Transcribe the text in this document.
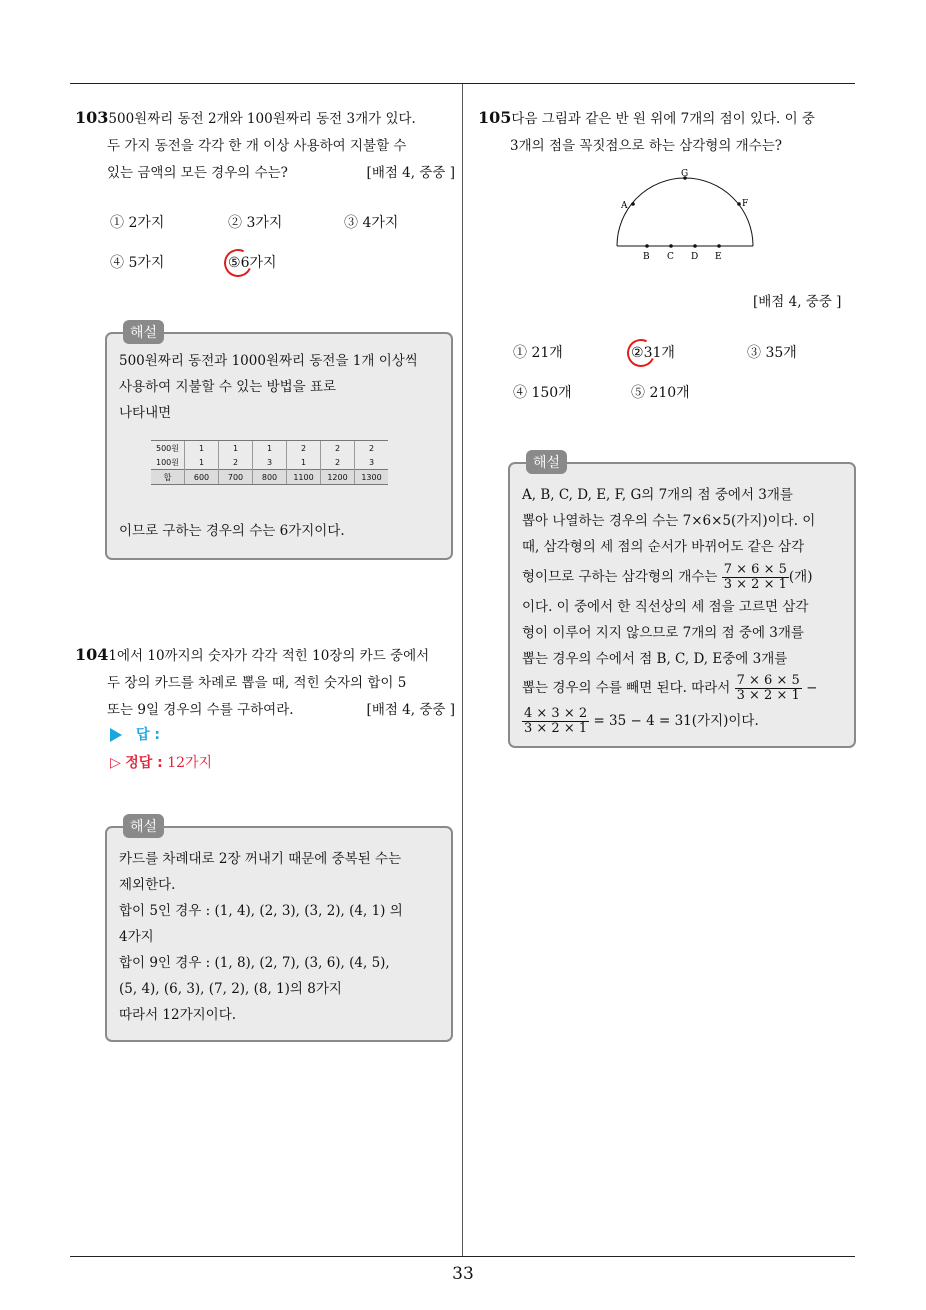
103500원짜리 동전 2개와 100원짜리 동전 3개가 있다.
두 가지 동전을 각각 한 개 이상 사용하여 지불할 수
있는 금액의 모든 경우의 수는?	[배점 4, 중중 ]
① 2가지	② 3가지	③ 4가지
④ 5가지	⑤6가지
해설
500원짜리 동전과 1000원짜리 동전을 1개 이상씩
사용하여 지불할 수 있는 방법을 표로
나타내면
500원	1	1	1	2	2	2
100원	1	2	3	1	2	3
합	600	700	800	1100	1200	1300
이므로 구하는 경우의 수는 6가지이다.
1041에서 10까지의 숫자가 각각 적힌 10장의 카드 중에서
두 장의 카드를 차례로 뽑을 때, 적힌 숫자의 합이 5
또는 9일 경우의 수를 구하여라.	[배점 4, 중중 ]
답 :
▷ 정답 : 12가지
해설
카드를 차례대로 2장 꺼내기 때문에 중복된 수는
제외한다.
합이 5인 경우 : (1, 4), (2, 3), (3, 2), (4, 1) 의
4가지
합이 9인 경우 : (1, 8), (2, 7), (3, 6), (4, 5),
(5, 4), (6, 3), (7, 2), (8, 1)의 8가지
따라서 12가지이다.
105다음 그림과 같은 반 원 위에 7개의 점이 있다. 이 중
3개의 점을 꼭짓점으로 하는 삼각형의 개수는?
A
G
F
B C D E
[배점 4, 중중 ]
① 21개	②31개	③ 35개
④ 150개	⑤ 210개
해설
A, B, C, D, E, F, G의 7개의 점 중에서 3개를
뽑아 나열하는 경우의 수는 7×6×5(가지)이다. 이
때, 삼각형의 세 점의 순서가 바뀌어도 같은 삼각
형이므로 구하는 삼각형의 개수는 $\frac{7 \times 6 \times 5}{3 \times 2 \times 1}$ (개)
이다. 이 중에서 한 직선상의 세 점을 고르면 삼각
형이 이루어 지지 않으므로 7개의 점 중에 3개를
뽑는 경우의 수에서 점 B, C, D, E중에 3개를
뽑는 경우의 수를 빼면 된다. 따라서 $\frac{7 \times 6 \times 5}{3 \times 2 \times 1}$ −
$\frac{4 \times 3 \times 2}{3 \times 2 \times 1} = 35 - 4 = 31$(가지)이다.
33
